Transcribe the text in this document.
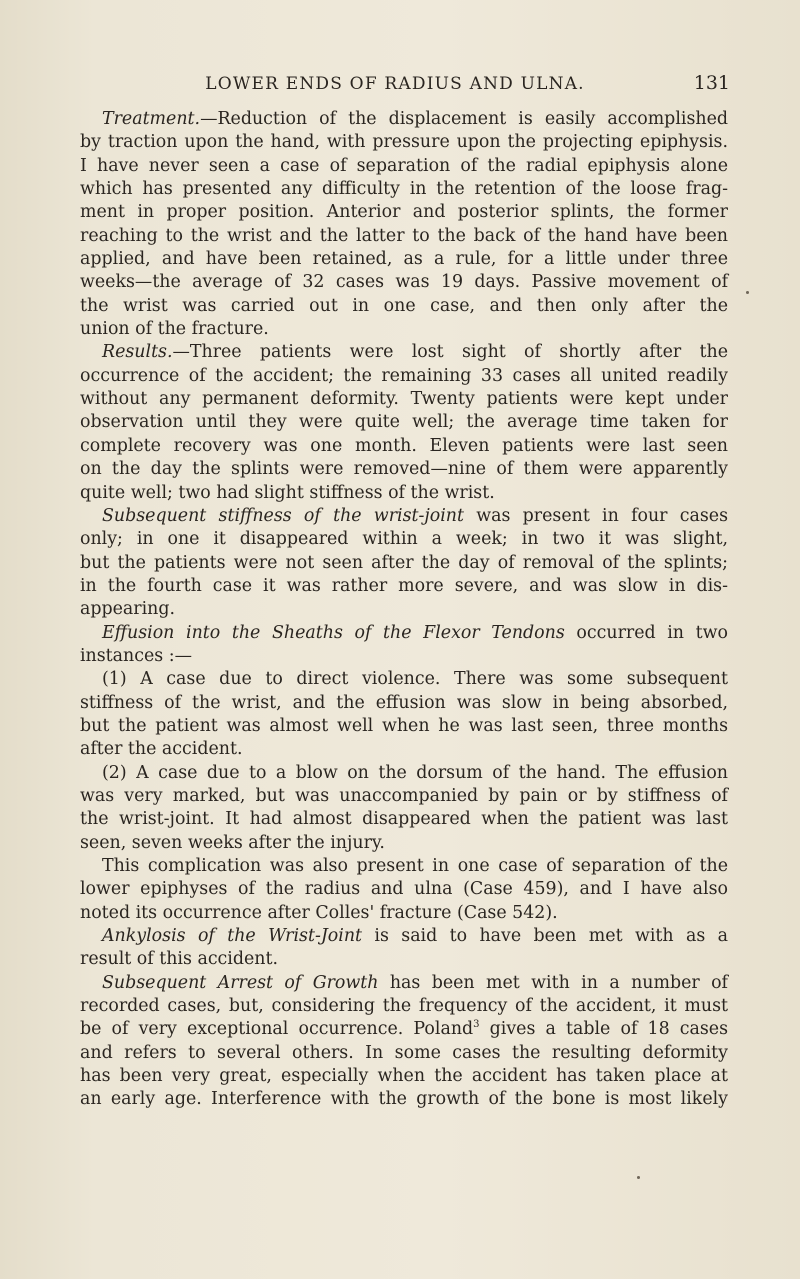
LOWER ENDS OF RADIUS AND ULNA.	131
Treatment.—Reduction of the displacement is easily accomplished
by traction upon the hand, with pressure upon the projecting epiphysis.
I have never seen a case of separation of the radial epiphysis alone
which has presented any difficulty in the retention of the loose frag-
ment in proper position. Anterior and posterior splints, the former
reaching to the wrist and the latter to the back of the hand have been
applied, and have been retained, as a rule, for a little under three
weeks—the average of 32 cases was 19 days. Passive movement of
the wrist was carried out in one case, and then only after the
union of the fracture.
Results.—Three patients were lost sight of shortly after the
occurrence of the accident; the remaining 33 cases all united readily
without any permanent deformity. Twenty patients were kept under
observation until they were quite well; the average time taken for
complete recovery was one month. Eleven patients were last seen
on the day the splints were removed—nine of them were apparently
quite well; two had slight stiffness of the wrist.
Subsequent stiffness of the wrist-joint was present in four cases
only; in one it disappeared within a week; in two it was slight,
but the patients were not seen after the day of removal of the splints;
in the fourth case it was rather more severe, and was slow in dis-
appearing.
Effusion into the Sheaths of the Flexor Tendons occurred in two
instances :—
(1) A case due to direct violence. There was some subsequent
stiffness of the wrist, and the effusion was slow in being absorbed,
but the patient was almost well when he was last seen, three months
after the accident.
(2) A case due to a blow on the dorsum of the hand. The effusion
was very marked, but was unaccompanied by pain or by stiffness of
the wrist-joint. It had almost disappeared when the patient was last
seen, seven weeks after the injury.
This complication was also present in one case of separation of the
lower epiphyses of the radius and ulna (Case 459), and I have also
noted its occurrence after Colles' fracture (Case 542).
Ankylosis of the Wrist-Joint is said to have been met with as a
result of this accident.
Subsequent Arrest of Growth has been met with in a number of
recorded cases, but, considering the frequency of the accident, it must
be of very exceptional occurrence. Poland$^3$ gives a table of 18 cases
and refers to several others. In some cases the resulting deformity
has been very great, especially when the accident has taken place at
an early age. Interference with the growth of the bone is most likely
